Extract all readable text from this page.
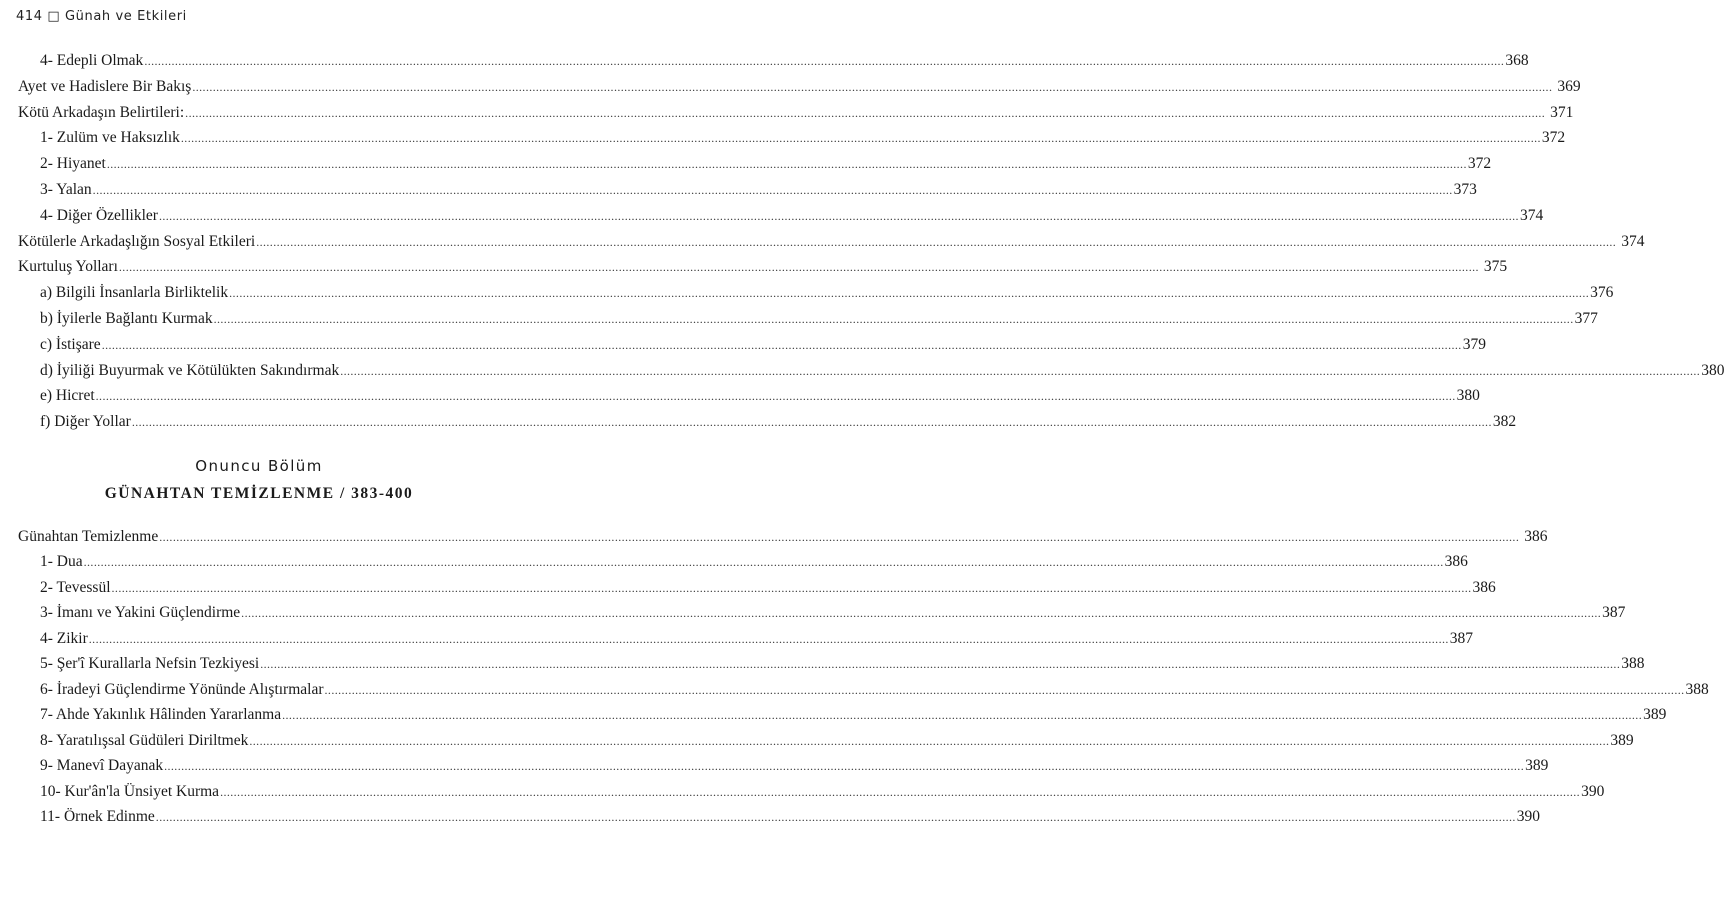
414 □ Günah ve Etkileri
4- Edepli Olmak ................................................................................................................................................................................................................................................................................................................................................................................................................ 368
Ayet ve Hadislere Bir Bakış ................................................................................................................................................................................................................................................................................................................................................................................................................ 369
Kötü Arkadaşın Belirtileri: ................................................................................................................................................................................................................................................................................................................................................................................................................ 371
1- Zulüm ve Haksızlık ................................................................................................................................................................................................................................................................................................................................................................................................................ 372
2- Hiyanet ................................................................................................................................................................................................................................................................................................................................................................................................................ 372
3- Yalan ................................................................................................................................................................................................................................................................................................................................................................................................................ 373
4- Diğer Özellikler ................................................................................................................................................................................................................................................................................................................................................................................................................ 374
Kötülerle Arkadaşlığın Sosyal Etkileri ................................................................................................................................................................................................................................................................................................................................................................................................................ 374
Kurtuluş Yolları ................................................................................................................................................................................................................................................................................................................................................................................................................ 375
a) Bilgili İnsanlarla Birliktelik ................................................................................................................................................................................................................................................................................................................................................................................................................ 376
b) İyilerle Bağlantı Kurmak ................................................................................................................................................................................................................................................................................................................................................................................................................ 377
c) İstişare ................................................................................................................................................................................................................................................................................................................................................................................................................ 379
d) İyiliği Buyurmak ve Kötülükten Sakındırmak ................................................................................................................................................................................................................................................................................................................................................................................................................ 380
e) Hicret ................................................................................................................................................................................................................................................................................................................................................................................................................ 380
f) Diğer Yollar ................................................................................................................................................................................................................................................................................................................................................................................................................ 382
Onuncu Bölüm
GÜNAHTAN TEMİZLENME / 383-400
Günahtan Temizlenme ................................................................................................................................................................................................................................................................................................................................................................................................................ 386
1- Dua ................................................................................................................................................................................................................................................................................................................................................................................................................ 386
2- Tevessül ................................................................................................................................................................................................................................................................................................................................................................................................................ 386
3- İmanı ve Yakini Güçlendirme ................................................................................................................................................................................................................................................................................................................................................................................................................ 387
4- Zikir ................................................................................................................................................................................................................................................................................................................................................................................................................ 387
5- Şer'î Kurallarla Nefsin Tezkiyesi ................................................................................................................................................................................................................................................................................................................................................................................................................ 388
6- İradeyi Güçlendirme Yönünde Alıştırmalar ................................................................................................................................................................................................................................................................................................................................................................................................................ 388
7- Ahde Yakınlık Hâlinden Yararlanma ................................................................................................................................................................................................................................................................................................................................................................................................................ 389
8- Yaratılışsal Güdüleri Diriltmek ................................................................................................................................................................................................................................................................................................................................................................................................................ 389
9- Manevî Dayanak ................................................................................................................................................................................................................................................................................................................................................................................................................ 389
10- Kur'ân'la Ünsiyet Kurma ................................................................................................................................................................................................................................................................................................................................................................................................................ 390
11- Örnek Edinme ................................................................................................................................................................................................................................................................................................................................................................................................................ 390
